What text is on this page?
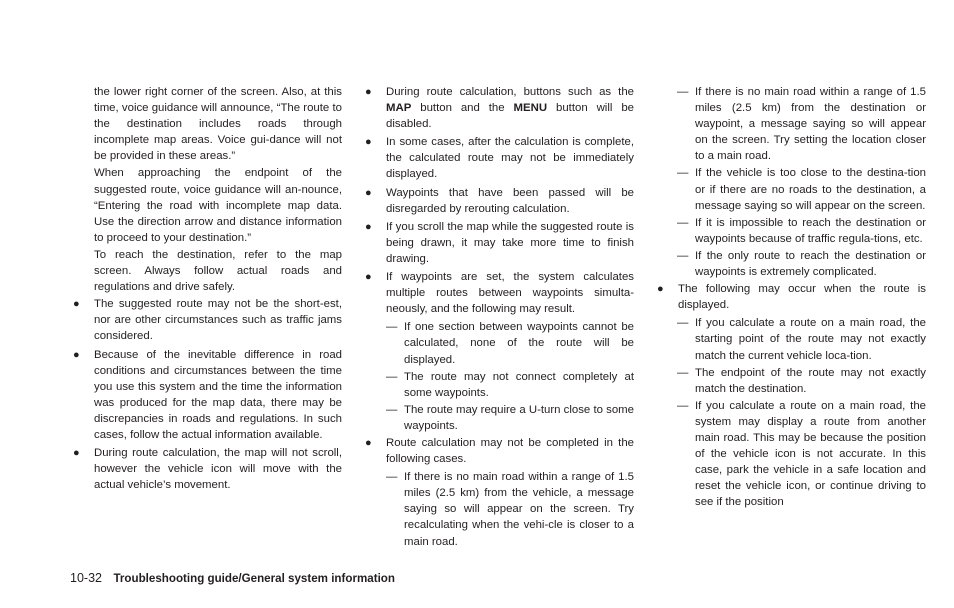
the lower right corner of the screen. Also, at this time, voice guidance will announce, “The route to the destination includes roads through incomplete map areas. Voice gui-dance will not be provided in these areas.”

When approaching the endpoint of the suggested route, voice guidance will an-nounce, “Entering the road with incomplete map data. Use the direction arrow and distance information to proceed to your destination.”

To reach the destination, refer to the map screen. Always follow actual roads and regulations and drive safely.

● The suggested route may not be the short-est, nor are other circumstances such as traffic jams considered.
● Because of the inevitable difference in road conditions and circumstances between the time you use this system and the time the information was produced for the map data, there may be discrepancies in roads and regulations. In such cases, follow the actual information available.
● During route calculation, the map will not scroll, however the vehicle icon will move with the actual vehicle’s movement.
● During route calculation, buttons such as the MAP button and the MENU button will be disabled.
● In some cases, after the calculation is complete, the calculated route may not be immediately displayed.
● Waypoints that have been passed will be disregarded by rerouting calculation.
● If you scroll the map while the suggested route is being drawn, it may take more time to finish drawing.
● If waypoints are set, the system calculates multiple routes between waypoints simulta-neously, and the following may result.
— If one section between waypoints cannot be calculated, none of the route will be displayed.
— The route may not connect completely at some waypoints.
— The route may require a U-turn close to some waypoints.
● Route calculation may not be completed in the following cases.
— If there is no main road within a range of 1.5 miles (2.5 km) from the vehicle, a message saying so will appear on the screen. Try recalculating when the vehi-cle is closer to a main road.
— If there is no main road within a range of 1.5 miles (2.5 km) from the destination or waypoint, a message saying so will appear on the screen. Try setting the location closer to a main road.
— If the vehicle is too close to the destina-tion or if there are no roads to the destination, a message saying so will appear on the screen.
— If it is impossible to reach the destination or waypoints because of traffic regula-tions, etc.
— If the only route to reach the destination or waypoints is extremely complicated.
● The following may occur when the route is displayed.
— If you calculate a route on a main road, the starting point of the route may not exactly match the current vehicle loca-tion.
— The endpoint of the route may not exactly match the destination.
— If you calculate a route on a main road, the system may display a route from another main road. This may be because the position of the vehicle icon is not accurate. In this case, park the vehicle in a safe location and reset the vehicle icon, or continue driving to see if the position
10-32 Troubleshooting guide/General system information
